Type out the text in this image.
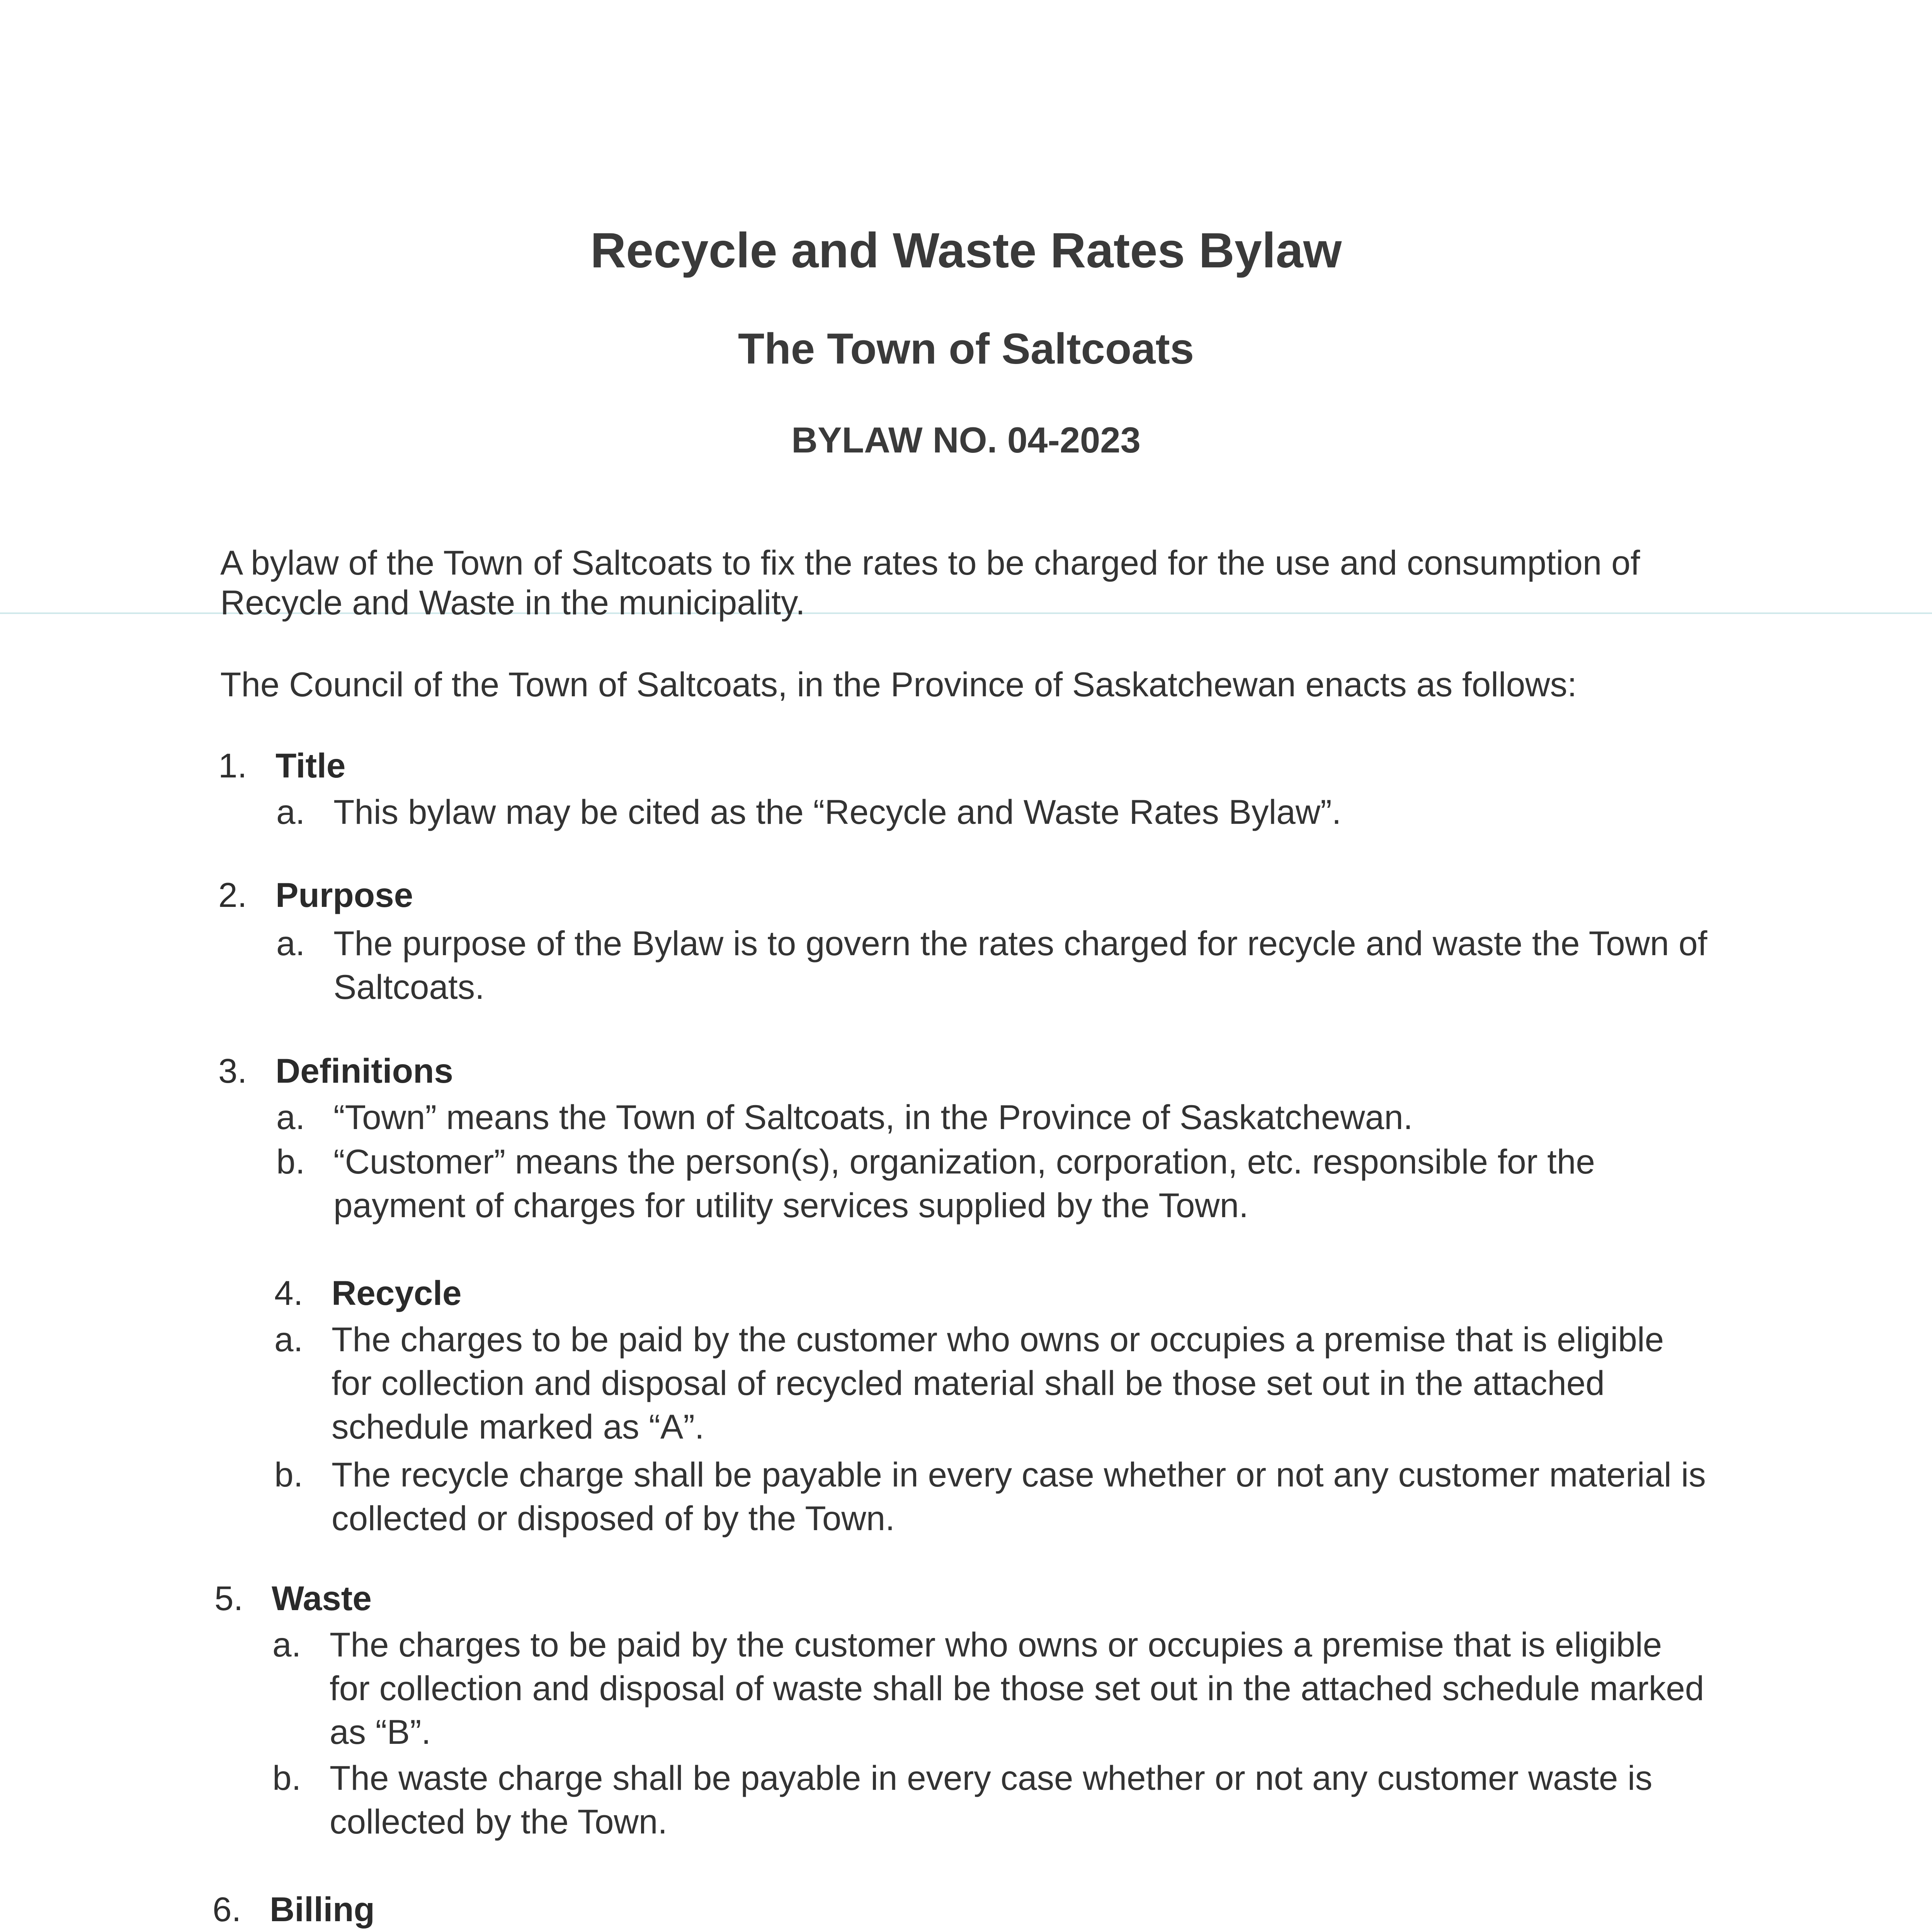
Recycle and Waste Rates Bylaw
The Town of Saltcoats
BYLAW NO. 04-2023
A bylaw of the Town of Saltcoats to fix the rates to be charged for the use and consumption of Recycle and Waste in the municipality.
The Council of the Town of Saltcoats, in the Province of Saskatchewan enacts as follows:
1. Title
a. This bylaw may be cited as the “Recycle and Waste Rates Bylaw”.
2. Purpose
a. The purpose of the Bylaw is to govern the rates charged for recycle and waste the Town of Saltcoats.
3. Definitions
a. “Town” means the Town of Saltcoats, in the Province of Saskatchewan.
b. “Customer” means the person(s), organization, corporation, etc. responsible for the payment of charges for utility services supplied by the Town.
4. Recycle
a. The charges to be paid by the customer who owns or occupies a premise that is eligible for collection and disposal of recycled material shall be those set out in the attached schedule marked as “A”.
b. The recycle charge shall be payable in every case whether or not any customer material is collected or disposed of by the Town.
5. Waste
a. The charges to be paid by the customer who owns or occupies a premise that is eligible for collection and disposal of waste shall be those set out in the attached schedule marked as “B”.
b. The waste charge shall be payable in every case whether or not any customer waste is collected by the Town.
6. Billing
